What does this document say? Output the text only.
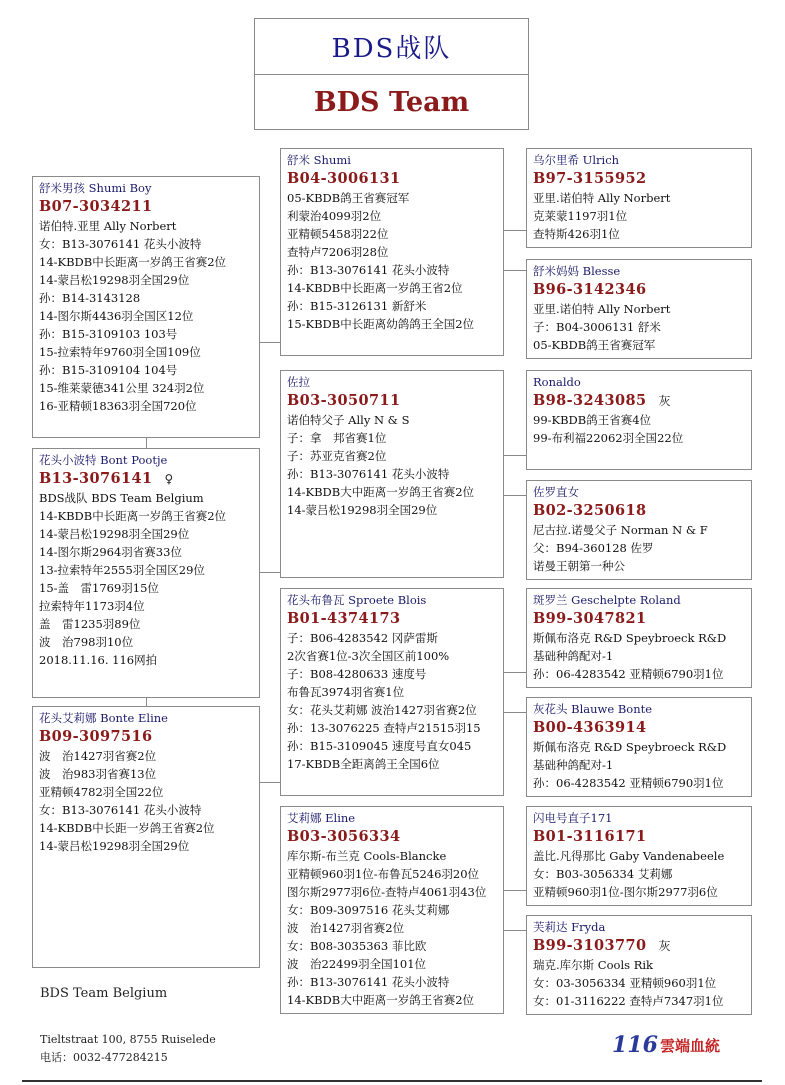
BDS战队
BDS Team
舒米男孩 Shumi Boy
B07-3034211
诺伯特.亚里 Ally Norbert
女：B13-3076141 花头小波特
14-KBDB中长距离一岁鸽王省赛2位
14-蒙吕松19298羽全国29位
孙：B14-3143128
14-图尔斯4436羽全国区12位
孙：B15-3109103 103号
15-拉索特年9760羽全国109位
孙：B15-3109104 104号
15-维莱蒙德341公里 324羽2位
16-亚精顿18363羽全国720位
花头小波特 Bont Pootje
B13-3076141 ♀
BDS战队 BDS Team Belgium
14-KBDB中长距离一岁鸽王省赛2位
14-蒙吕松19298羽全国29位
14-图尔斯2964羽省赛33位
13-拉索特年2555羽全国区29位
15-盖　雷1769羽15位
拉索特年1173羽4位
盖　雷1235羽89位
波　治798羽10位
2018.11.16. 116网拍
花头艾莉娜 Bonte Eline
B09-3097516
波　治1427羽省赛2位
波　治983羽省赛13位
亚精顿4782羽全国22位
女：B13-3076141 花头小波特
14-KBDB中长距一岁鸽王省赛2位
14-蒙吕松19298羽全国29位
舒米 Shumi
B04-3006131
05-KBDB鸽王省赛冠军
利蒙治4099羽2位
亚精顿5458羽22位
查特卢7206羽28位
孙：B13-3076141 花头小波特
14-KBDB中长距离一岁鸽王省2位
孙：B15-3126131 新舒米
15-KBDB中长距离幼鸽鸽王全国2位
佐拉
B03-3050711
诺伯特父子 Ally N & S
子：拿　邦省赛1位
子：苏亚克省赛2位
孙：B13-3076141 花头小波特
14-KBDB大中距离一岁鸽王省赛2位
14-蒙吕松19298羽全国29位
花头布鲁瓦 Sproete Blois
B01-4374173
子：B06-4283542 冈萨雷斯
2次省赛1位-3次全国区前100%
子：B08-4280633 速度号
布鲁瓦3974羽省赛1位
女：花头艾莉娜 波治1427羽省赛2位
孙：13-3076225 查特卢21515羽15
孙：B15-3109045 速度号直女045
17-KBDB全距离鸽王全国6位
艾莉娜 Eline
B03-3056334
库尔斯-布兰克 Cools-Blancke
亚精顿960羽1位-布鲁瓦5246羽20位
图尔斯2977羽6位-查特卢4061羽43位
女：B09-3097516 花头艾莉娜
波　治1427羽省赛2位
女：B08-3035363 菲比欧
波　治22499羽全国101位
孙：B13-3076141 花头小波特
14-KBDB大中距离一岁鸽王省赛2位
乌尔里希 Ulrich
B97-3155952
亚里.诺伯特 Ally Norbert
克莱蒙1197羽1位
查特斯426羽1位
舒米妈妈 Blesse
B96-3142346
亚里.诺伯特 Ally Norbert
子：B04-3006131 舒米
05-KBDB鸽王省赛冠军
Ronaldo
B98-3243085 灰
99-KBDB鸽王省赛4位
99-布利福22062羽全国22位
佐罗直女
B02-3250618
尼古拉.诺曼父子 Norman N & F
父：B94-360128 佐罗
诺曼王朝第一种公
斑罗兰 Geschelpte Roland
B99-3047821
斯佩布洛克 R&D Speybroeck R&D
基础种鸽配对-1
孙：06-4283542 亚精顿6790羽1位
灰花头 Blauwe Bonte
B00-4363914
斯佩布洛克 R&D Speybroeck R&D
基础种鸽配对-1
孙：06-4283542 亚精顿6790羽1位
闪电号直子171
B01-3116171
盖比.凡得那比 Gaby Vandenabeele
女：B03-3056334 艾莉娜
亚精顿960羽1位-图尔斯2977羽6位
芙莉达 Fryda
B99-3103770 灰
瑞克.库尔斯 Cools Rik
女：03-3056334 亚精顿960羽1位
女：01-3116222 查特卢7347羽1位
BDS Team Belgium
Tieltstraat 100, 8755 Ruiselede
电话：0032-477284215	116 雲端血統
